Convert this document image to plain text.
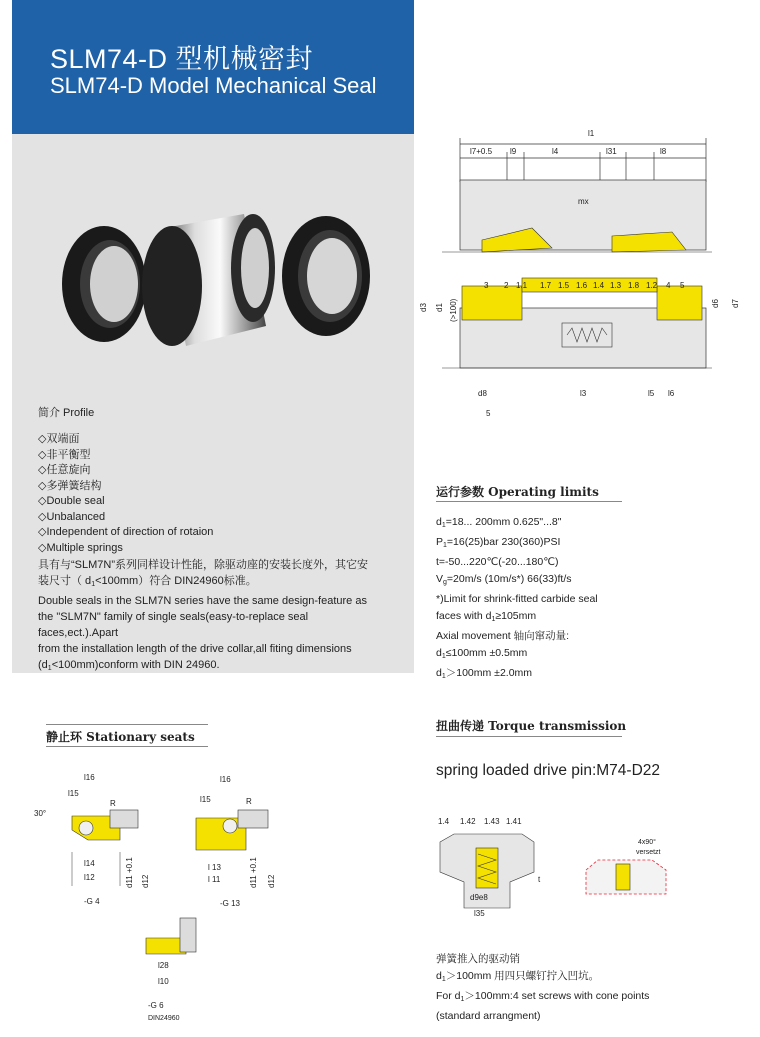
SLM74-D 型机械密封
SLM74-D Model Mechanical Seal
简介 Profile
◇双端面
◇非平衡型
◇任意旋向
◇多弹簧结构
◇Double seal
◇Unbalanced
◇Independent of direction of rotaion
◇Multiple springs
具有与“SLM7N”系列同样设计性能，除驱动座的安装长度外，其它安
装尺寸（ $d_1<100mm$）符合 DIN24960标准。
Double seals in the SLM7N series have the same design-feature as
the "SLM7N" family of single seals(easy-to-replace seal faces,ect.).Apart
from the installation length of the drive collar,all fiting dimensions
$(d_1<100mm)conform$ with DIN 24960.
l1
l7+0.5 l9	l4	l31	l8
mx
3 2 1.1 1.7 1.5 1.6 1.4 1.3 1.8 1.2 4 5
d3 d1 (>100)	d6 d7
d8
5
l3	l5 l6
运行参数 Operating limits
$d_1=18$... 200mm 0.625"...8"
$P_1=16(25)bar$ 230(360)PSI
t=-50...220℃(-20...180℃)
$V_g=20m/s$ (10m/s*) 66(33)ft/s
*)Limit for shrink-fitted carbide seal
faces with $d_1\ge 105mm$
Axial movement 轴向窜动量:
$d_1\le 100mm \pm 0.5mm$
$d_1>100mm \pm 2.0mm$
扭曲传递 Torque transmission
spring loaded drive pin:M74-D22
1.4 1.42 1.43 1.41
d9e8
l35
t
4x90°
versetzt
弹簧推入的驱动销
$d_1>100mm$ 用四只螺钉拧入凹坑。
For $d_1>100mm:4$ set screws with cone points
(standard arrangment)
静止环 Stationary seats
l16
l15
30°
R
l14
l12	d11 +0.1 d12
-G 4
l16
l15	R
l 13
l 11	d11 +0.1 d12
-G 13
l28
l10
-G 6
DIN24960
